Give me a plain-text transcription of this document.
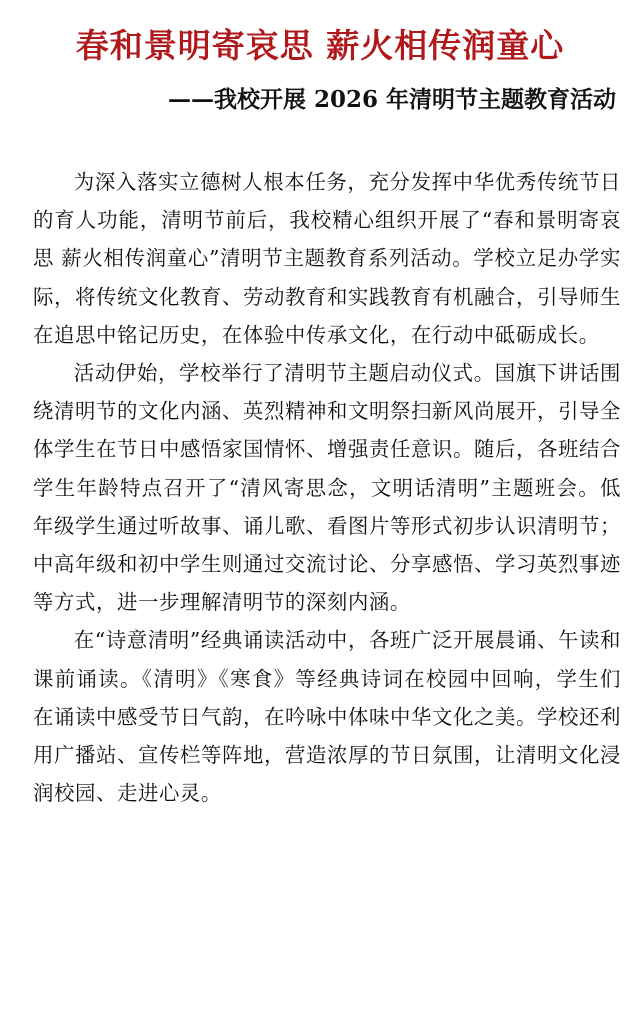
春和景明寄哀思 薪火相传润童心
——我校开展 2026 年清明节主题教育活动

为深入落实立德树人根本任务，充分发挥中华优秀传统节日的育人功能，清明节前后，我校精心组织开展了“春和景明寄哀思 薪火相传润童心”清明节主题教育系列活动。学校立足办学实际，将传统文化教育、劳动教育和实践教育有机融合，引导师生在追思中铭记历史，在体验中传承文化，在行动中砥砺成长。

活动伊始，学校举行了清明节主题启动仪式。国旗下讲话围绕清明节的文化内涵、英烈精神和文明祭扫新风尚展开，引导全体学生在节日中感悟家国情怀、增强责任意识。随后，各班结合学生年龄特点召开了“清风寄思念，文明话清明”主题班会。低年级学生通过听故事、诵儿歌、看图片等形式初步认识清明节；中高年级和初中学生则通过交流讨论、分享感悟、学习英烈事迹等方式，进一步理解清明节的深刻内涵。

在“诗意清明”经典诵读活动中，各班广泛开展晨诵、午读和课前诵读。《清明》《寒食》等经典诗词在校园中回响，学生们在诵读中感受节日气韵，在吟咏中体味中华文化之美。学校还利用广播站、宣传栏等阵地，营造浓厚的节日氛围，让清明文化浸润校园、走进心灵。
